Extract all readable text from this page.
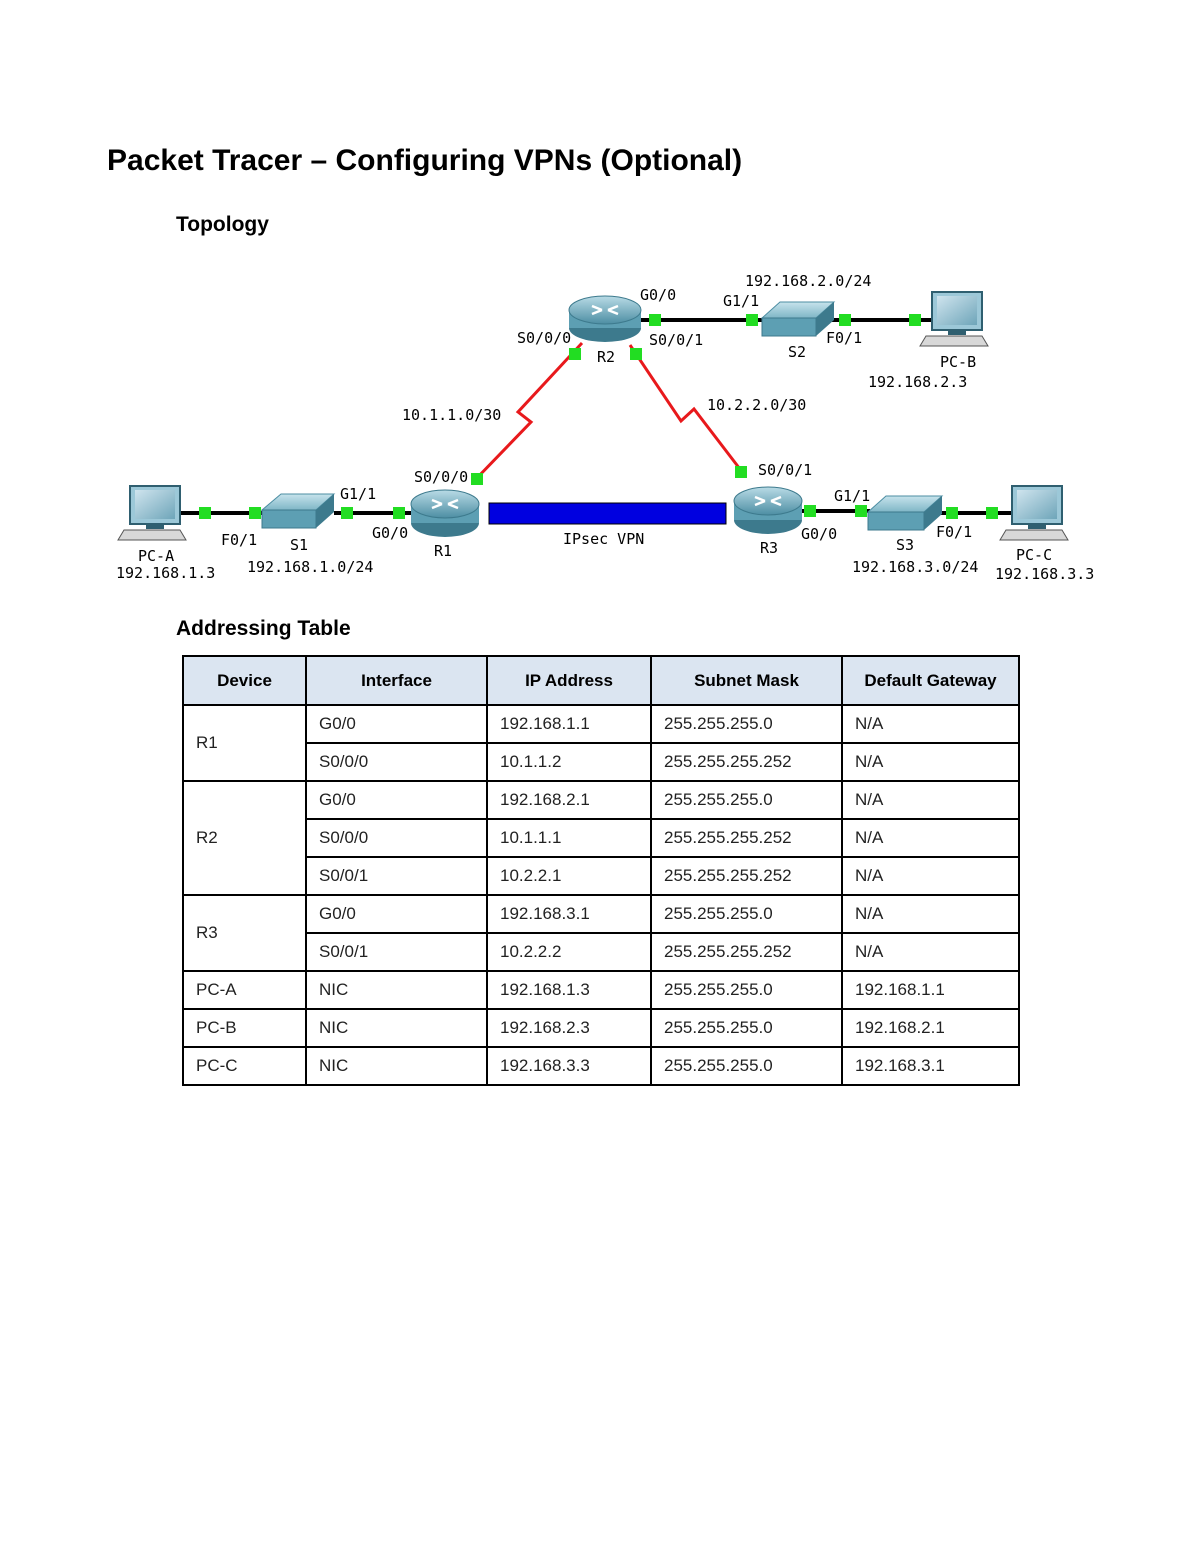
Packet Tracer – Configuring VPNs (Optional)
Topology
R2
R1	R3
S1
S2
S3
PC-A
PC-B
PC-C
G0/0
S0/0/0	S0/0/1
G1/1
F0/1
S0/0/0
G0/0
G1/1
F0/1
S0/0/1
G0/0
G1/1
F0/1
192.168.2.0/24
192.168.1.0/24	192.168.3.0/24
10.1.1.0/30
10.2.2.0/30
192.168.1.3
192.168.2.3
192.168.3.3
IPsec VPN
Addressing Table
Device	Interface	IP Address	Subnet Mask	Default Gateway
R1	G0/0	192.168.1.1	255.255.255.0	N/A
	S0/0/0	10.1.1.2	255.255.255.252	N/A
R2	G0/0	192.168.2.1	255.255.255.0	N/A
	S0/0/0	10.1.1.1	255.255.255.252	N/A
	S0/0/1	10.2.2.1	255.255.255.252	N/A
R3	G0/0	192.168.3.1	255.255.255.0	N/A
	S0/0/1	10.2.2.2	255.255.255.252	N/A
PC-A	NIC	192.168.1.3	255.255.255.0	192.168.1.1
PC-B	NIC	192.168.2.3	255.255.255.0	192.168.2.1
PC-C	NIC	192.168.3.3	255.255.255.0	192.168.3.1
